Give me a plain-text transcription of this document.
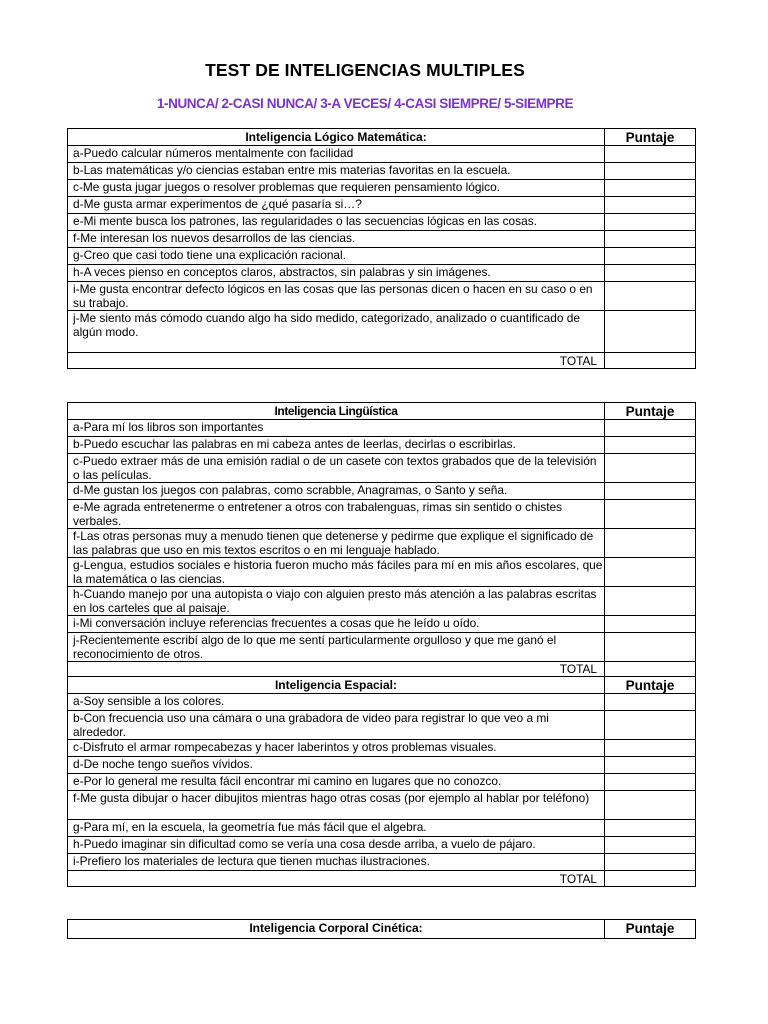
TEST DE INTELIGENCIAS MULTIPLES
1-NUNCA/ 2-CASI NUNCA/ 3-A VECES/ 4-CASI SIEMPRE/ 5-SIEMPRE
Inteligencia Lógico Matemática:	Puntaje
a-Puedo calcular números mentalmente con facilidad	
b-Las matemáticas y/o ciencias estaban entre mis materias favoritas en la escuela.	
c-Me gusta jugar juegos o resolver problemas que requieren pensamiento lógico.	
d-Me gusta armar experimentos de ¿qué pasaría si…?	
e-Mi mente busca los patrones, las regularidades o las secuencias lógicas en las cosas.	
f-Me interesan los nuevos desarrollos de las ciencias.	
g-Creo que casi todo tiene una explicación racional.	
h-A veces pienso en conceptos claros, abstractos, sin palabras y sin imágenes.	
i-Me gusta encontrar defecto lógicos en las cosas que las personas dicen o hacen en su caso o en su trabajo.	
j-Me siento más cómodo cuando algo ha sido medido, categorizado, analizado o cuantificado de algún modo.	
TOTAL	
Inteligencia Lingüística	Puntaje
a-Para mí los libros son importantes	
b-Puedo escuchar las palabras en mi cabeza antes de leerlas, decirlas o escribirlas.	
c-Puedo extraer más de una emisión radial o de un casete con textos grabados que de la televisión o las películas.	
d-Me gustan los juegos con palabras, como scrabble, Anagramas, o Santo y seña.	
e-Me agrada entretenerme o entretener a otros con trabalenguas, rimas sin sentido o chistes verbales.	
f-Las otras personas muy a menudo tienen que detenerse y pedirme que explique el significado de las palabras que uso en mis textos escritos o en mi lenguaje hablado.	
g-Lengua, estudios sociales e historia fueron mucho más fáciles para mí en mis años escolares, que la matemática o las ciencias.	
h-Cuando manejo por una autopista o viajo con alguien presto más atención a las palabras escritas en los carteles que al paisaje.	
i-Mi conversación incluye referencias frecuentes a cosas que he leído u oído.	
j-Recientemente escribí algo de lo que me sentí particularmente orgulloso y que me ganó el reconocimiento de otros.	
TOTAL	
Inteligencia Espacial:	Puntaje
a-Soy sensible a los colores.	
b-Con frecuencia uso una cámara o una grabadora de video para registrar lo que veo a mi alrededor.	
c-Disfruto el armar rompecabezas y hacer laberintos y otros problemas visuales.	
d-De noche tengo sueños vívidos.	
e-Por lo general me resulta fácil encontrar mi camino en lugares que no conozco.	
f-Me gusta dibujar o hacer dibujitos mientras hago otras cosas (por ejemplo al hablar por teléfono)	
g-Para mí, en la escuela, la geometría fue más fácil que el algebra.	
h-Puedo imaginar sin dificultad como se vería una cosa desde arriba, a vuelo de pájaro.	
i-Prefiero los materiales de lectura que tienen muchas ilustraciones.	
TOTAL	
Inteligencia Corporal Cinética:	Puntaje
